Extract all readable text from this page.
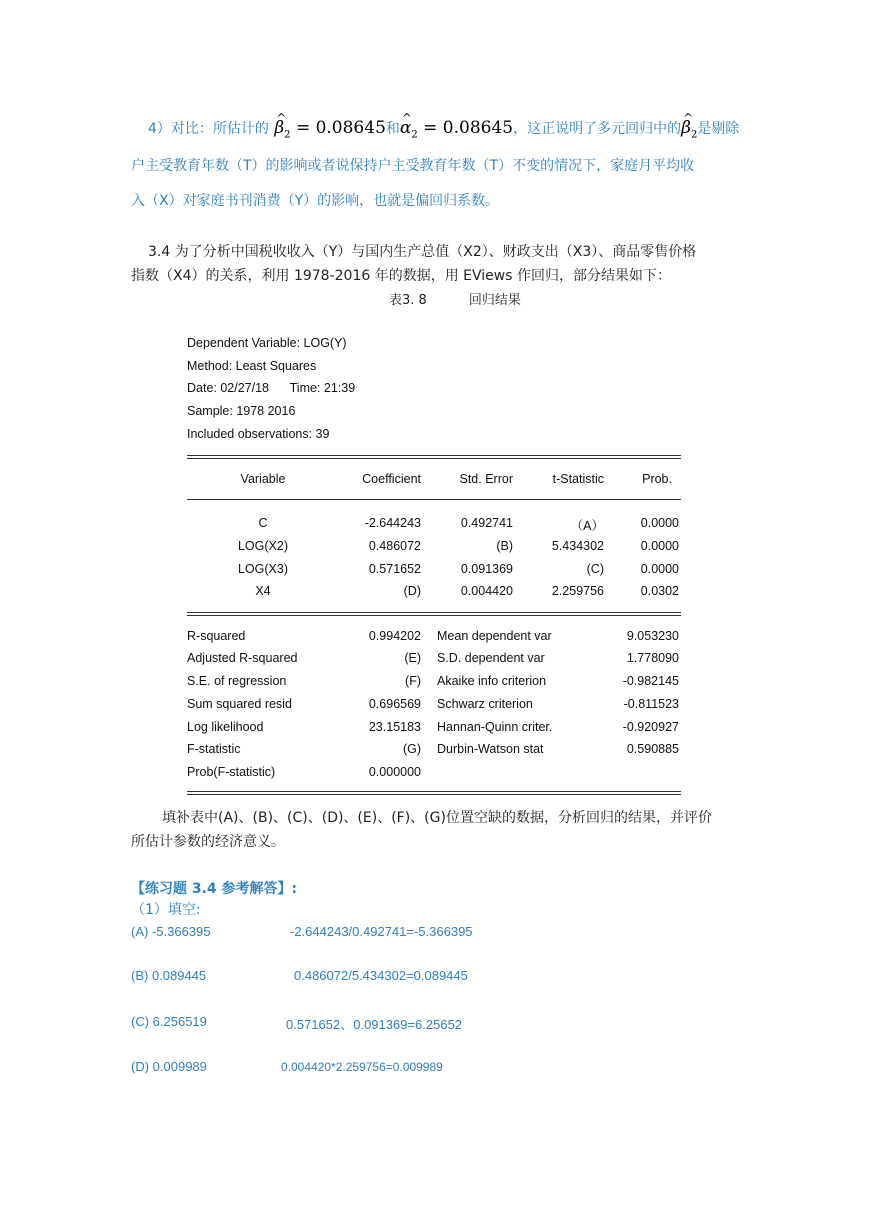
4）对比：所估计的 ^ $\beta_2 = 0.08645$和^ $\alpha_2 = 0.08645$，这正说明了多元回归中的^ $\beta_2$是剔除
户主受教育年数（T）的影响或者说保持户主受教育年数（T）不变的情况下，家庭月平均收
入（X）对家庭书刊消费（Y）的影响，也就是偏回归系数。
3.4 为了分析中国税收收入（Y）与国内生产总值（X2）、财政支出（X3）、商品零售价格
指数（X4）的关系，利用 1978-2016 年的数据，用 EViews 作回归，部分结果如下：
表3. 8	回归结果
Dependent Variable: LOG(Y)
Method: Least Squares
Date: 02/27/18      Time: 21:39
Sample: 1978 2016
Included observations: 39
Variable	Coefficient	Std. Error	t-Statistic	Prob.
C	-2.644243	0.492741	（A）	0.0000
LOG(X2)	0.486072	(B)	5.434302	0.0000
LOG(X3)	0.571652	0.091369	(C)	0.0000
X4	(D)	0.004420	2.259756	0.0302
R-squared	0.994202 Mean dependent var	9.053230
Adjusted R-squared	(E) S.D. dependent var	1.778090
S.E. of regression	(F) Akaike info criterion	-0.982145
Sum squared resid	0.696569 Schwarz criterion	-0.811523
Log likelihood	23.15183 Hannan-Quinn criter.	-0.920927
F-statistic	(G) Durbin-Watson stat	0.590885
Prob(F-statistic)	0.000000
填补表中(A)、(B)、(C)、(D)、(E)、(F)、(G)位置空缺的数据，分析回归的结果，并评价
所估计参数的经济意义。
【练习题 3.4 参考解答】:
（1）填空:
(A) -5.366395	-2.644243/0.492741=-5.366395
(B) 0.089445	0.486072/5.434302=0.089445
(C) 6.256519	0.571652、0.091369=6.25652
(D) 0.009989	0.004420*2.259756=0.009989
